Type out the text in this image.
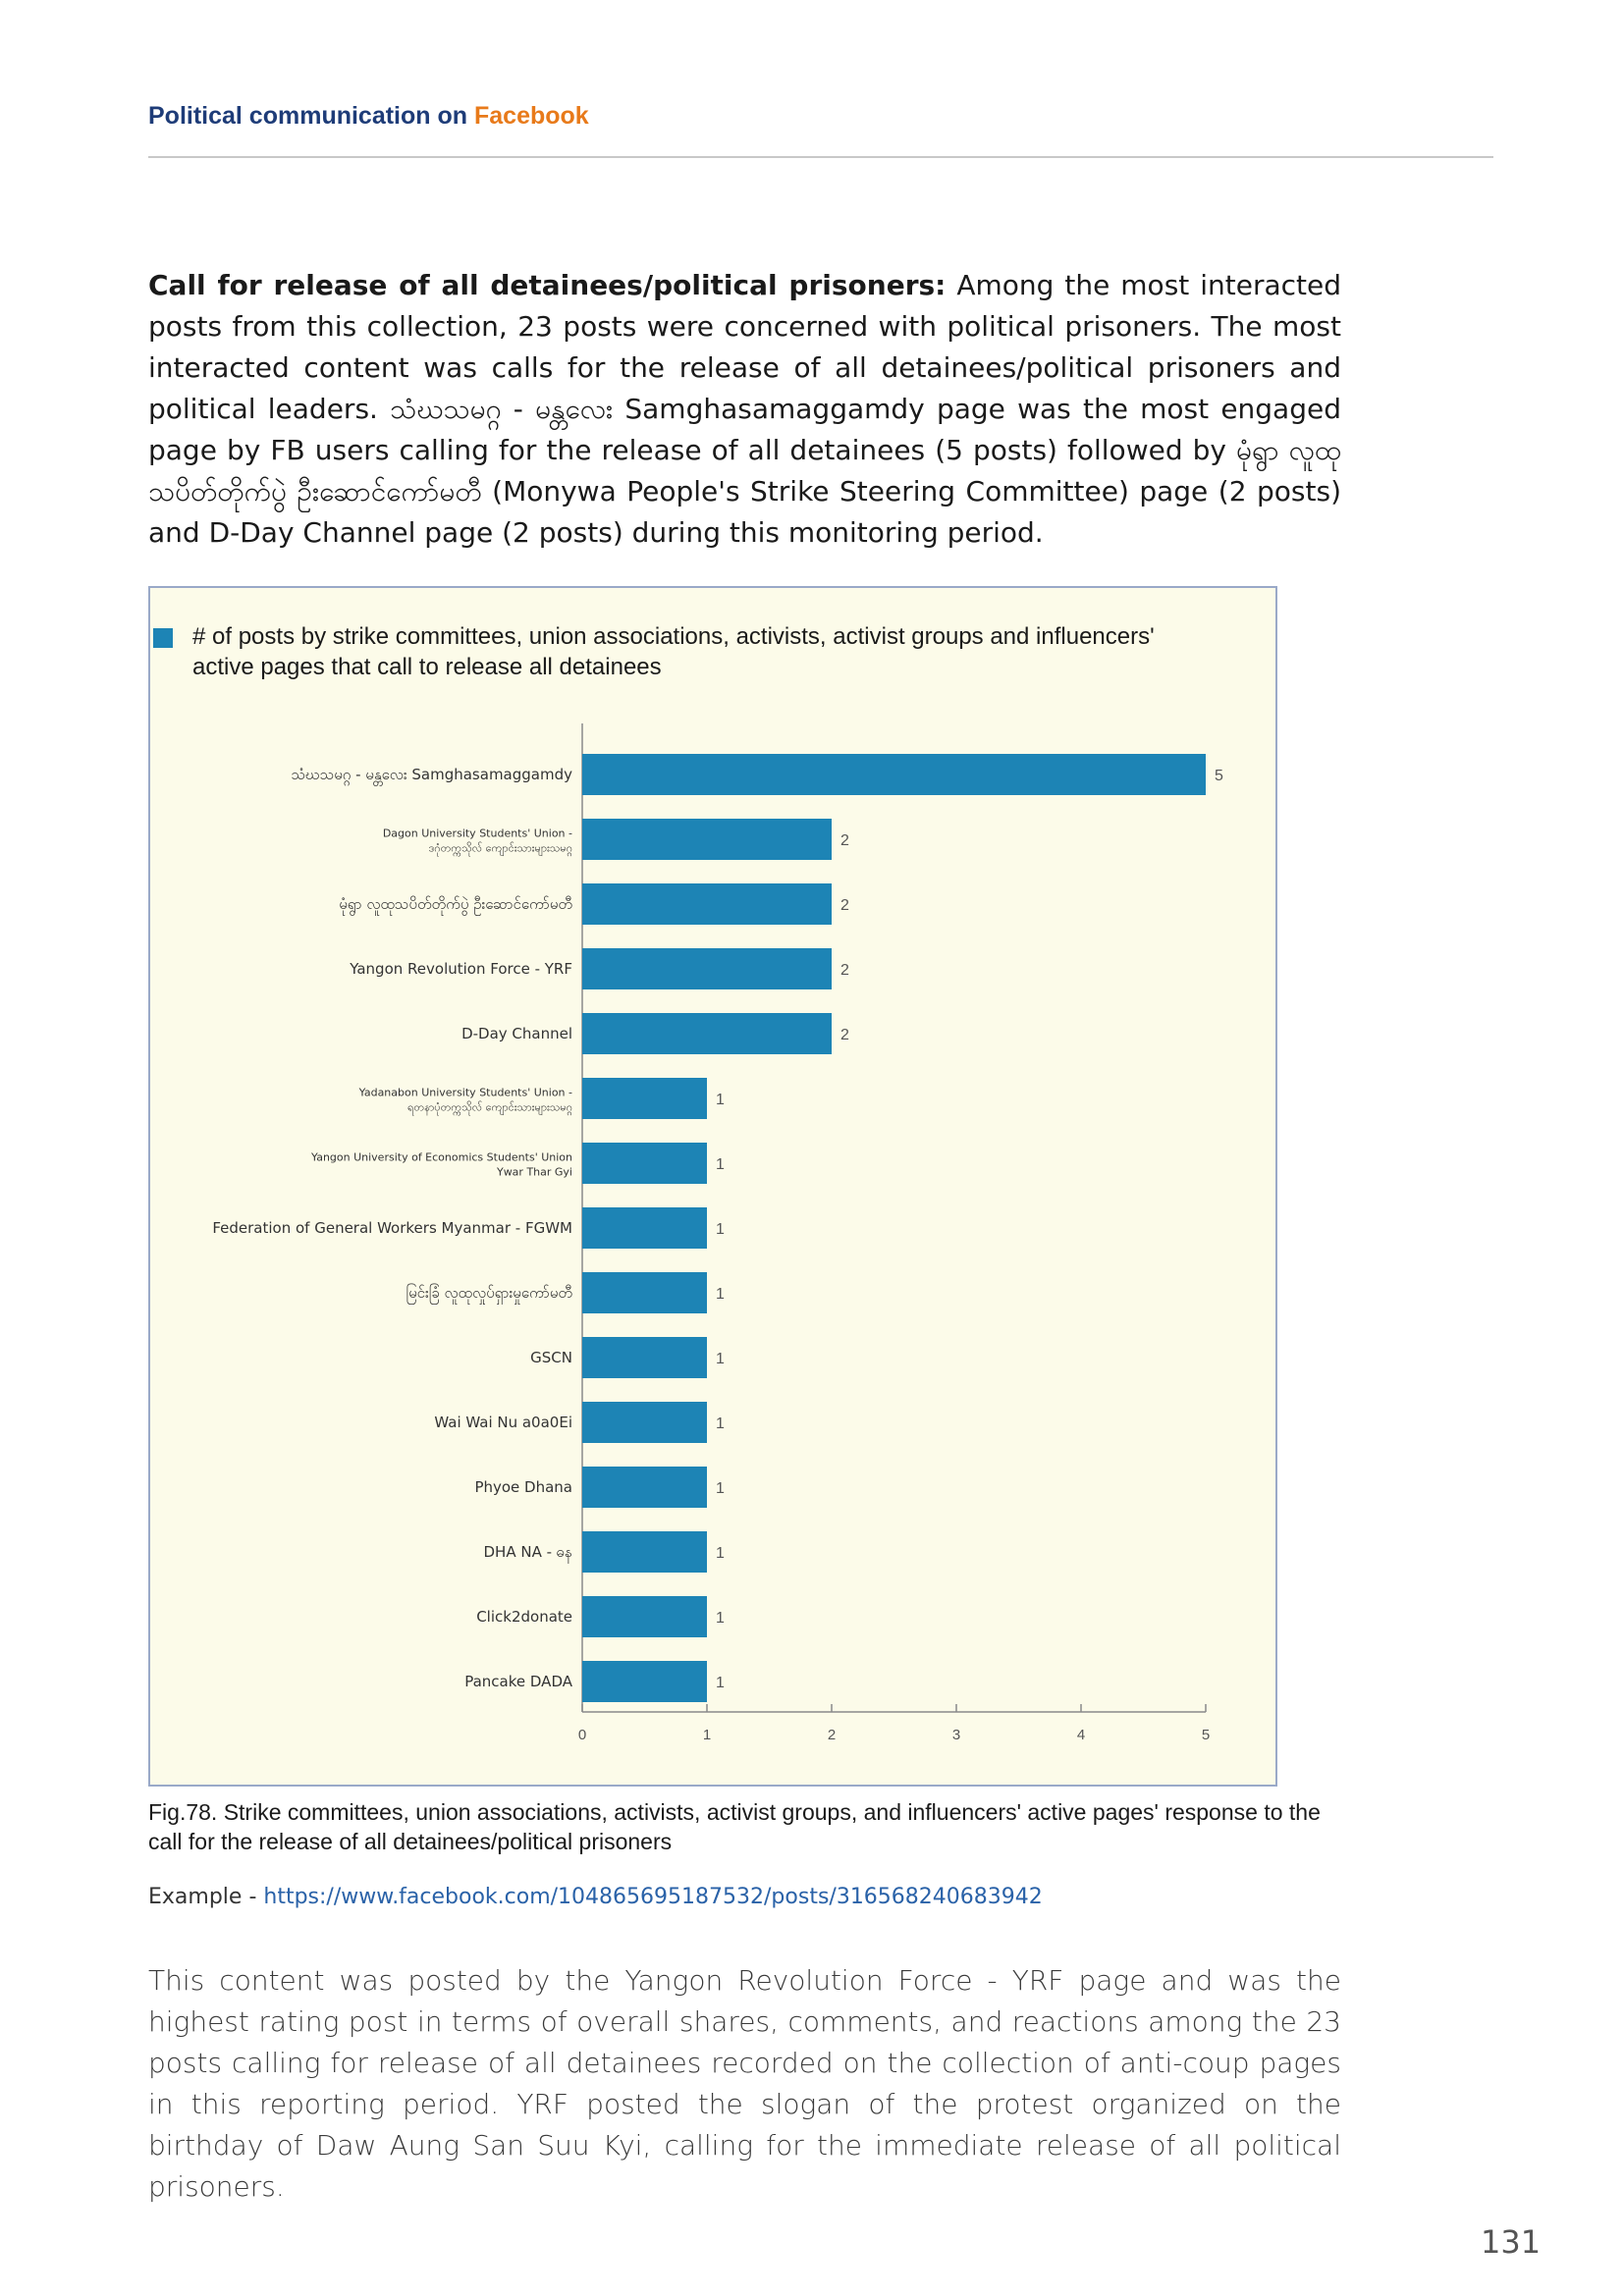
Political communication on Facebook
Call for release of all detainees/political prisoners: Among the most interacted posts from this collection, 23 posts were concerned with political prisoners. The most interacted content was calls for the release of all detainees/political prisoners and political leaders. သံဃသမဂ္ဂ - မန္တလေး Samghasamaggamdy page was the most engaged page by FB users calling for the release of all detainees (5 posts) followed by မုံရွာ လူထုသပိတ်တိုက်ပွဲ ဦးဆောင်ကော်မတီ (Monywa People's Strike Steering Committee) page (2 posts) and D-Day Channel page (2 posts) during this monitoring period.
# of posts by strike committees, union associations, activists, activist groups and influencers' active pages that call to release all detainees
0	1	2	3	4	5
5
သံဃသမဂ္ဂ - မန္တလေး Samghasamaggamdy
2
Dagon University Students' Union -
ဒဂုံတက္ကသိုလ် ကျောင်းသားများသမဂ္ဂ
2
မုံရွာ လူထုသပိတ်တိုက်ပွဲ ဦးဆောင်ကော်မတီ
2
Yangon Revolution Force - YRF
2
D-Day Channel
1
Yadanabon University Students' Union -
ရတနာပုံတက္ကသိုလ် ကျောင်းသားများသမဂ္ဂ
1
Yangon University of Economics Students' Union
Ywar Thar Gyi
1
Federation of General Workers Myanmar - FGWM
1
မြင်းခြံ လူထုလှုပ်ရှားမှုကော်မတီ
1
GSCN
1
Wai Wai Nu a0a0Ei
1
Phyoe Dhana
1
DHA NA - ဓန
1
Click2donate
1
Pancake DADA
Fig.78. Strike committees, union associations, activists, activist groups, and influencers' active pages' response to the call for the release of all detainees/political prisoners
Example - https://www.facebook.com/104865695187532/posts/316568240683942
This content was posted by the Yangon Revolution Force - YRF page and was the highest rating post in terms of overall shares, comments, and reactions among the 23 posts calling for release of all detainees recorded on the collection of anti-coup pages in this reporting period. YRF posted the slogan of the protest organized on the birthday of Daw Aung San Suu Kyi, calling for the immediate release of all political prisoners.
131
